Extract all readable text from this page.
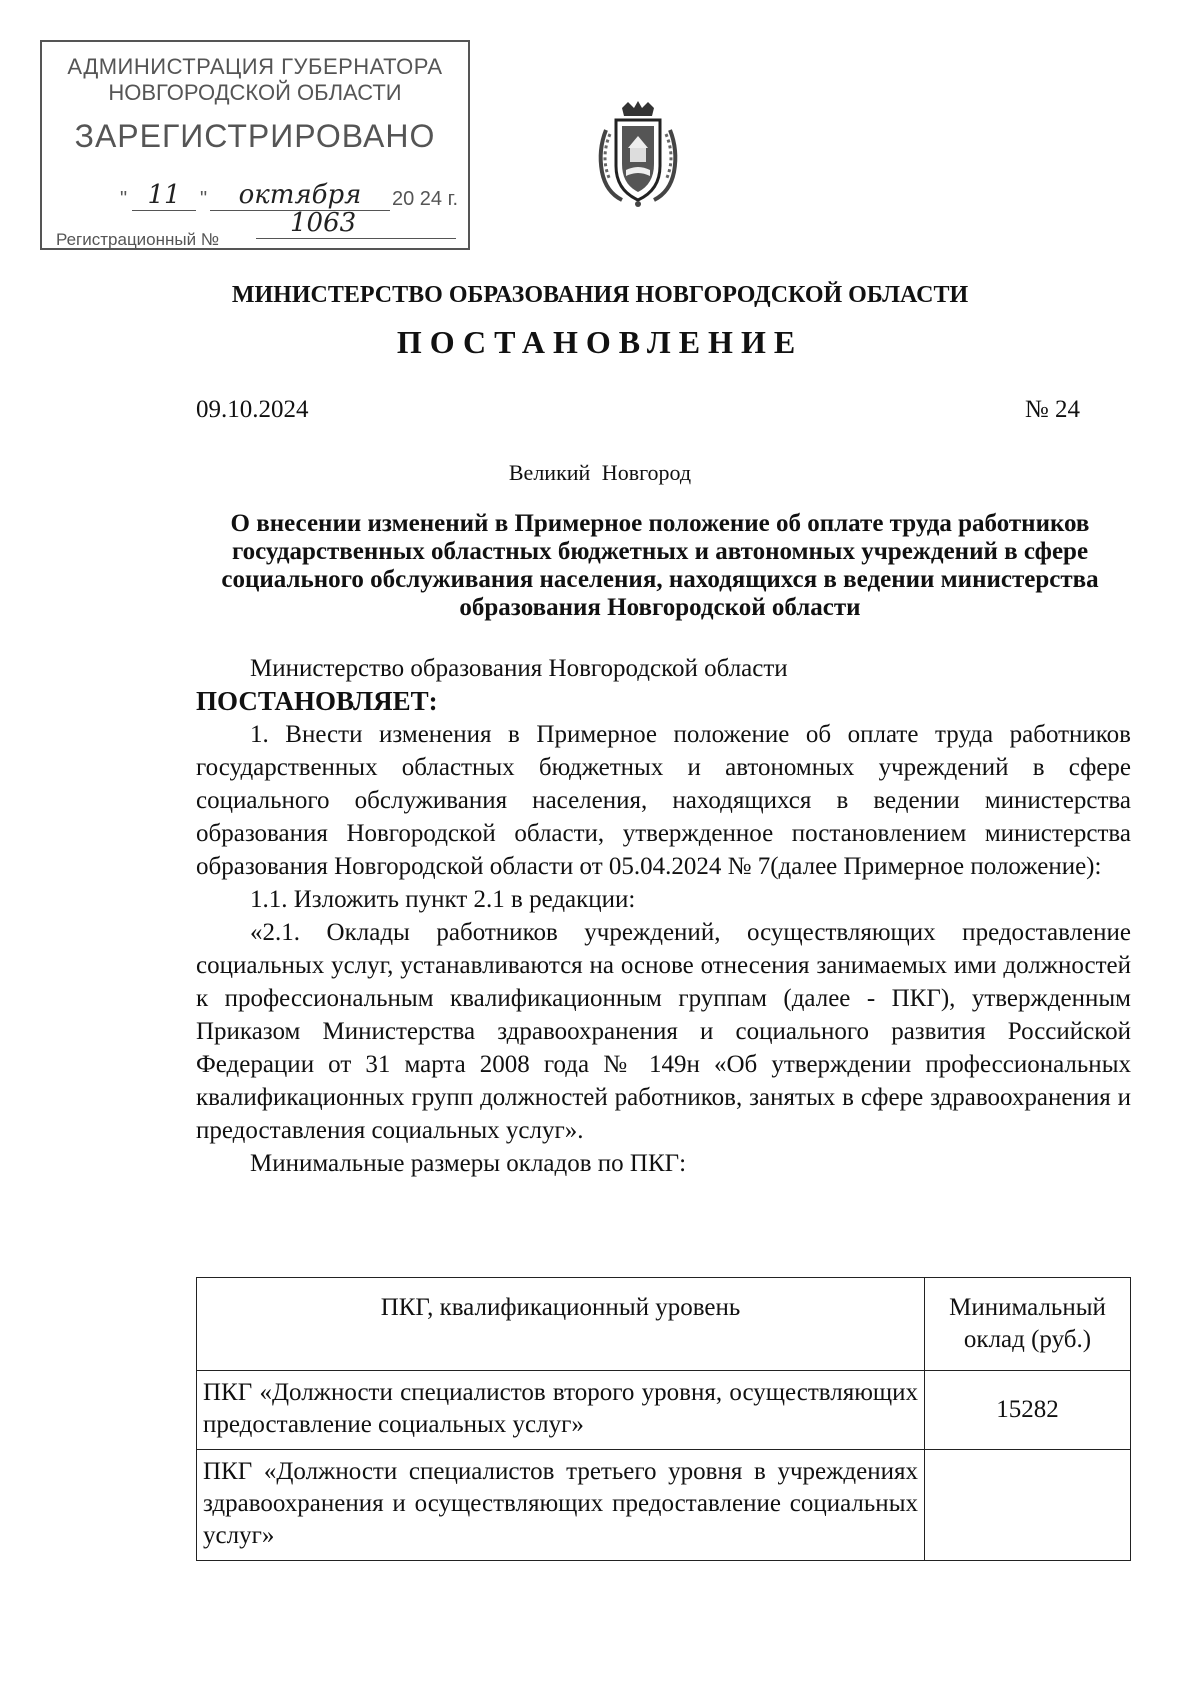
АДМИНИСТРАЦИЯ ГУБЕРНАТОРА
НОВГОРОДСКОЙ ОБЛАСТИ
ЗАРЕГИСТРИРОВАНО
" 11 "	октября	20 24 г.
Регистрационный №
1063
МИНИСТЕРСТВО ОБРАЗОВАНИЯ НОВГОРОДСКОЙ ОБЛАСТИ
ПОСТАНОВЛЕНИЕ
09.10.2024	№ 24
Великий Новгород
О внесении изменений в Примерное положение об оплате труда работников государственных областных бюджетных и автономных учреждений в сфере социального обслуживания населения, находящихся в ведении министерства образования Новгородской области

Министерство образования Новгородской области

ПОСТАНОВЛЯЕТ:

1. Внести изменения в Примерное положение об оплате труда работников государственных областных бюджетных и автономных учреждений в сфере социального обслуживания населения, находящихся в ведении министерства образования Новгородской области, утвержденное постановлением министерства образования Новгородской области от 05.04.2024 № 7(далее Примерное положение):

1.1. Изложить пункт 2.1 в редакции:

«2.1. Оклады работников учреждений, осуществляющих предоставление социальных услуг, устанавливаются на основе отнесения занимаемых ими должностей к профессиональным квалификационным группам (далее - ПКГ), утвержденным Приказом Министерства здравоохранения и социального развития Российской Федерации от 31 марта 2008 года № 149н «Об утверждении профессиональных квалификационных групп должностей работников, занятых в сфере здравоохранения и предоставления социальных услуг».

Минимальные размеры окладов по ПКГ:

ПКГ, квалификационный уровень	Минимальный оклад (руб.)
ПКГ «Должности специалистов второго уровня, осуществляющих предоставление социальных услуг»	15282
ПКГ «Должности специалистов третьего уровня в учреждениях здравоохранения и осуществляющих предоставление социальных услуг»	
